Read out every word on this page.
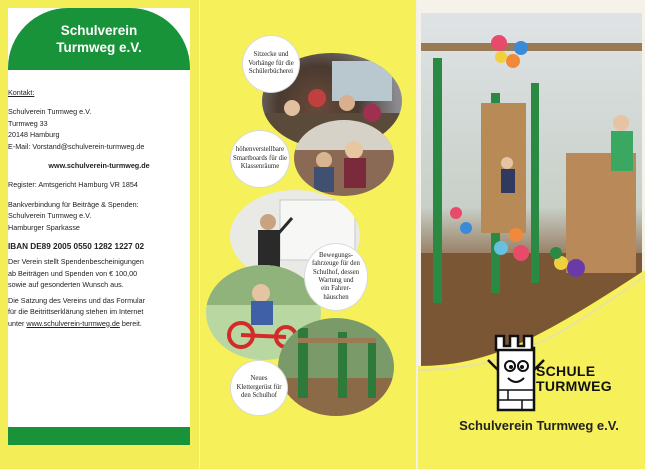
Schulverein
Turmweg e.V.
Kontakt:
Schulverein Turmweg e.V.
Turmweg 33
20148 Hamburg
E-Mail: Vorstand@schulverein-turmweg.de
www.schulverein-turmweg.de
Register: Amtsgericht Hamburg VR 1854
Bankverbindung für Beiträge & Spenden:
Schulverein Turmweg e.V.
Hamburger Sparkasse
IBAN DE89 2005 0550 1282 1227 02
Der Verein stellt Spendenbescheinigungen
ab Beiträgen und Spenden von € 100,00
sowie auf gesonderten Wunsch aus.
Die Satzung des Vereins und das Formular
für die Beitrittserklärung stehen im Internet
unter www.schulverein-turmweg.de bereit.
Sitzecke und
Vorhänge für die
Schülerbücherei
höhenverstellbare
Smartboards für die
Klassenräume
Bewegungs-
fahrzeuge für den
Schulhof, dessen
Wartung und
ein Fahrer-
häuschen
Neues
Klettergerüst für
den Schulhof
SCHULE
TURMWEG
Schulverein Turmweg e.V.
